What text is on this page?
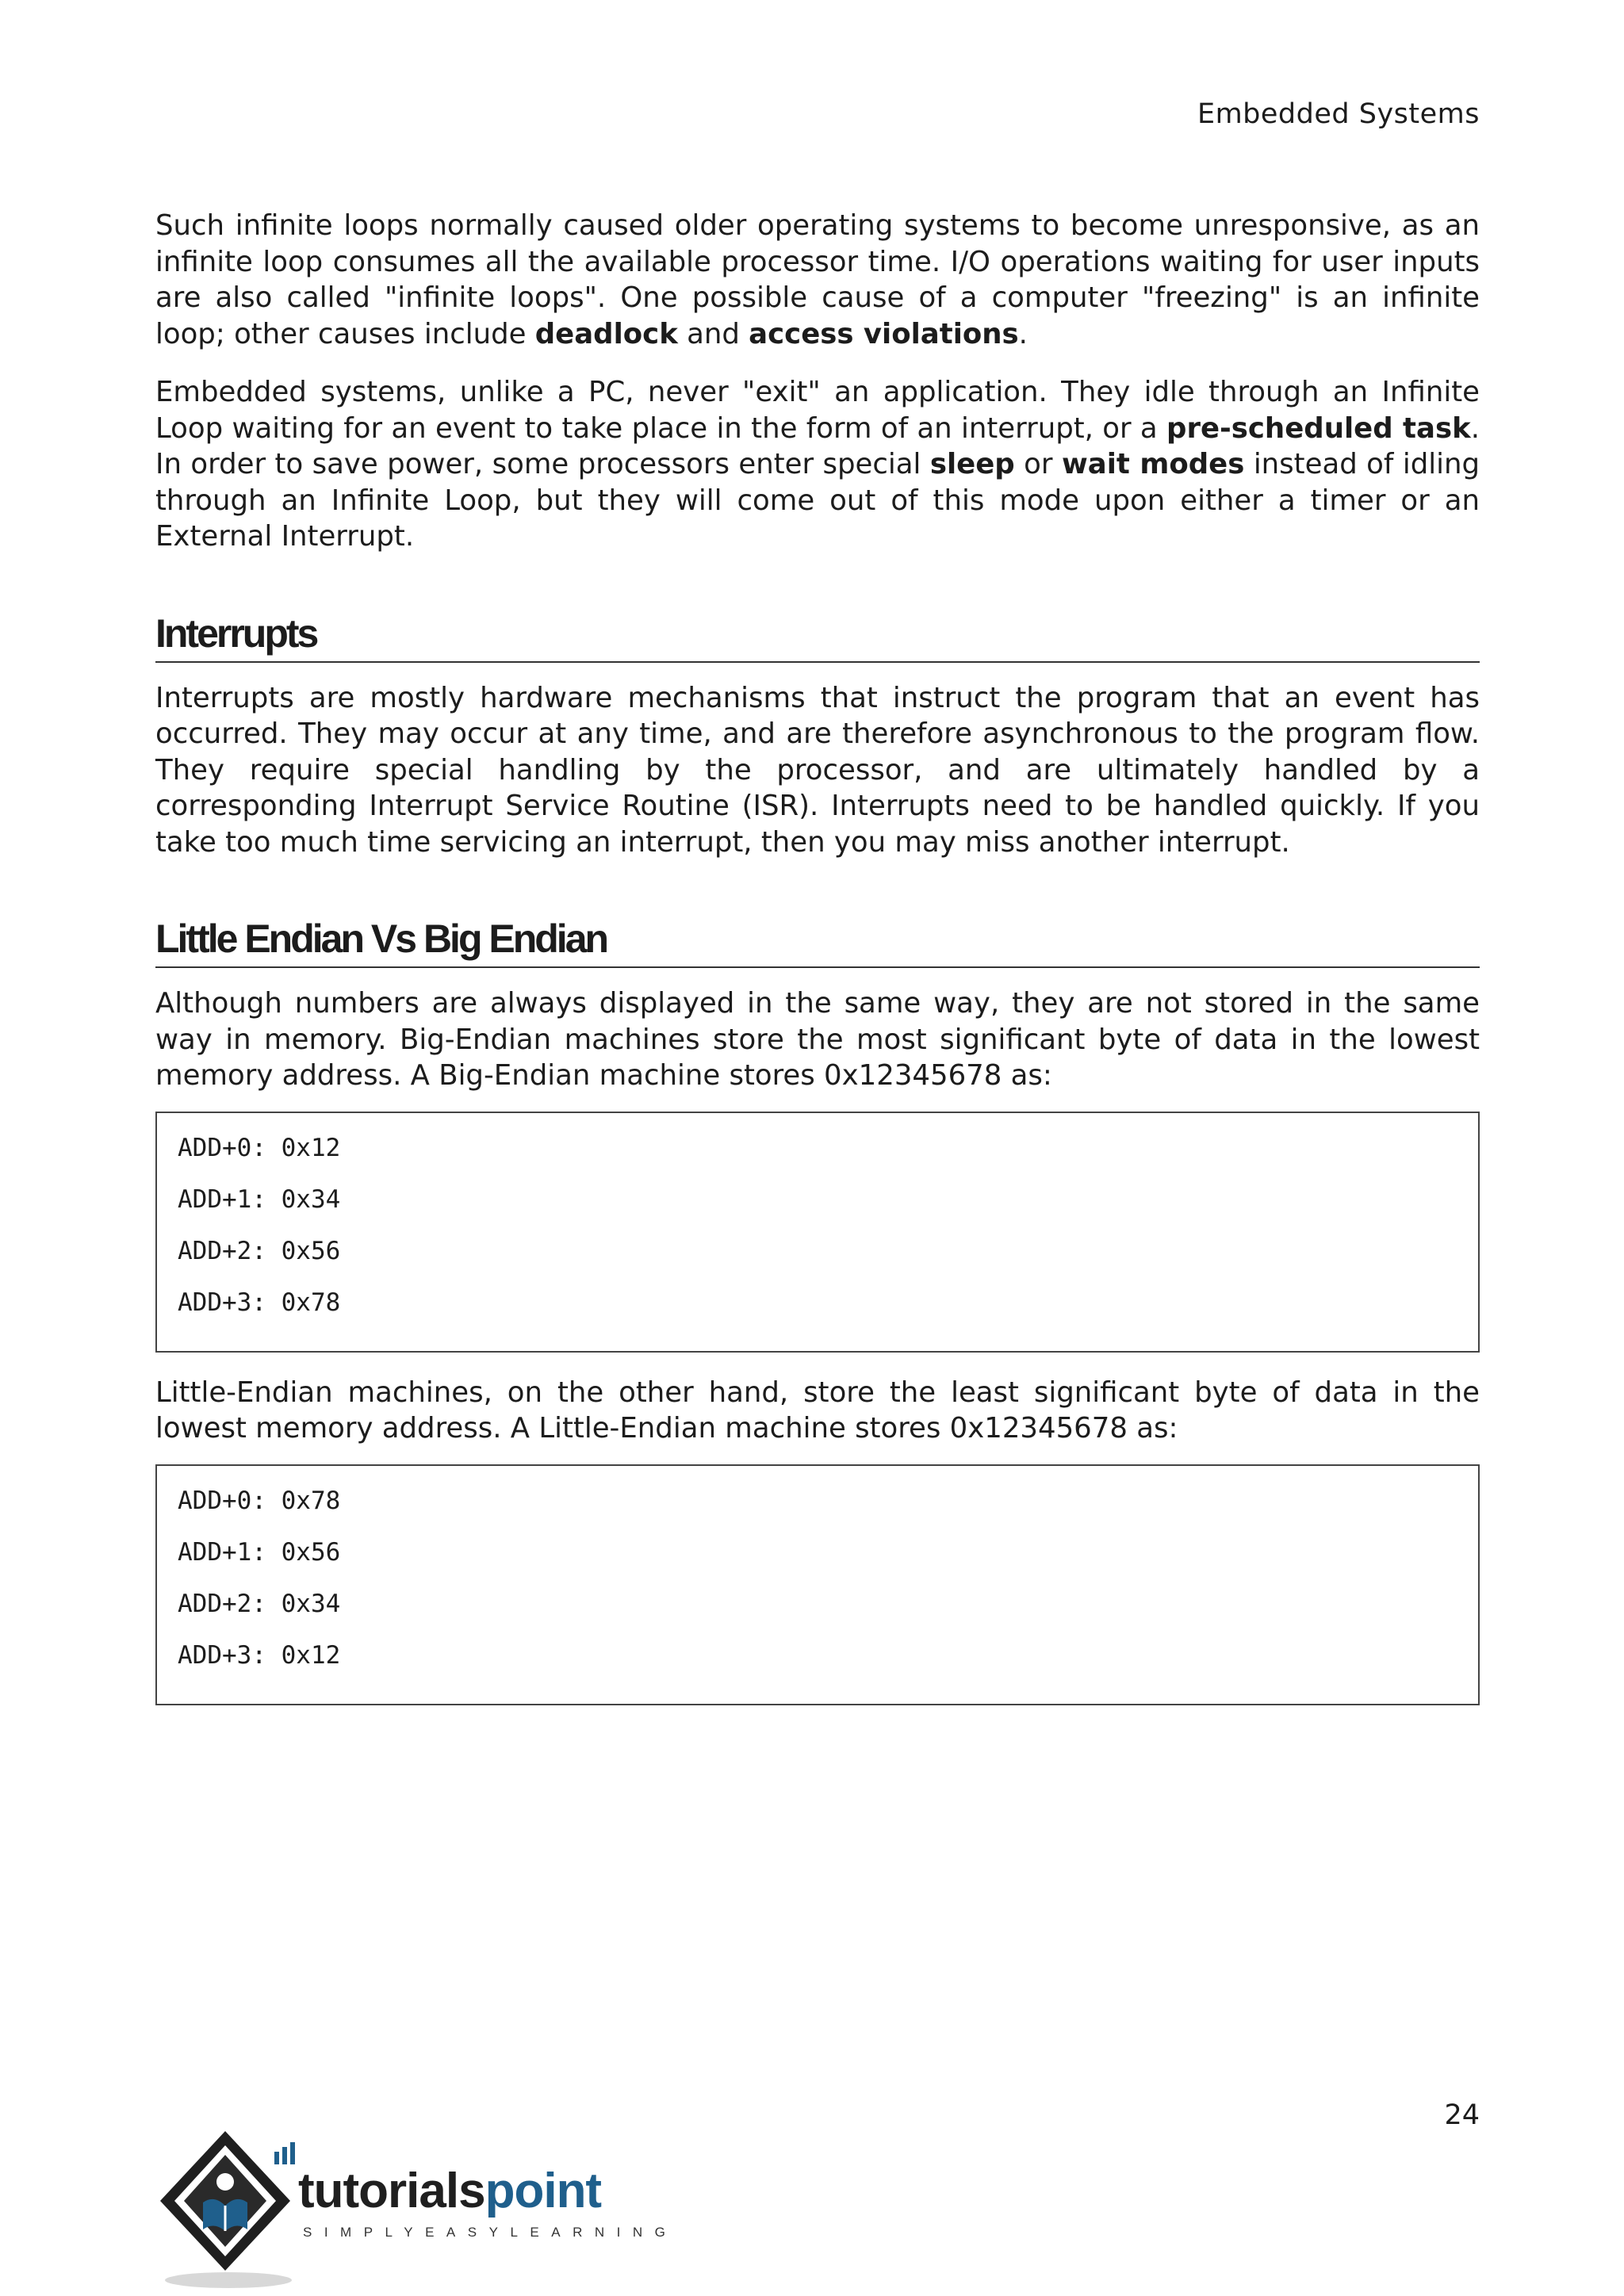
Embedded Systems

Such infinite loops normally caused older operating systems to become unresponsive, as an infinite loop consumes all the available processor time. I/O operations waiting for user inputs are also called "infinite loops". One possible cause of a computer "freezing" is an infinite loop; other causes include deadlock and access violations.

Embedded systems, unlike a PC, never "exit" an application. They idle through an Infinite Loop waiting for an event to take place in the form of an interrupt, or a pre-scheduled task. In order to save power, some processors enter special sleep or wait modes instead of idling through an Infinite Loop, but they will come out of this mode upon either a timer or an External Interrupt.

Interrupts

Interrupts are mostly hardware mechanisms that instruct the program that an event has occurred. They may occur at any time, and are therefore asynchronous to the program flow. They require special handling by the processor, and are ultimately handled by a corresponding Interrupt Service Routine (ISR). Interrupts need to be handled quickly. If you take too much time servicing an interrupt, then you may miss another interrupt.

Little Endian Vs Big Endian

Although numbers are always displayed in the same way, they are not stored in the same way in memory. Big-Endian machines store the most significant byte of data in the lowest memory address. A Big-Endian machine stores 0x12345678 as:

ADD+0: 0x12
ADD+1: 0x34
ADD+2: 0x56
ADD+3: 0x78

Little-Endian machines, on the other hand, store the least significant byte of data in the lowest memory address. A Little-Endian machine stores 0x12345678 as:

ADD+0: 0x78
ADD+1: 0x56
ADD+2: 0x34
ADD+3: 0x12
24
tutorialspoint
SIMPLYEASYLEARNING
